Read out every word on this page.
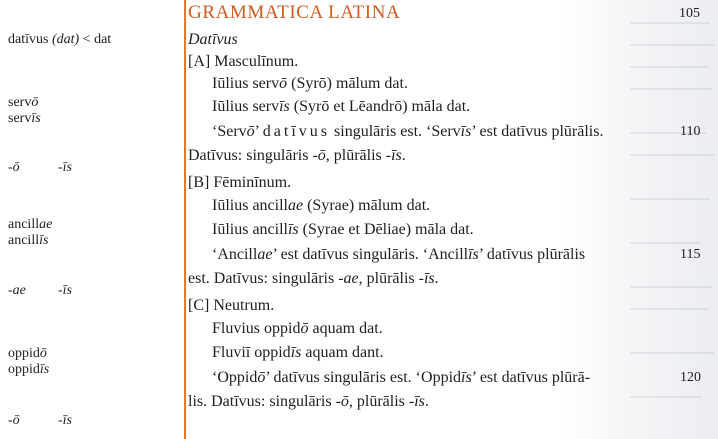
GRAMMATICA LATINA	105
datīvus (dat) < dat
servō
servīs
-ō	-īs
ancillae
ancillīs
-ae -īs
oppidō
oppidīs
-ō	-īs
Datīvus
[A] Masculīnum.
Iūlius servō (Syrō) mālum dat.
Iūlius servīs (Syrō et Lēandrō) māla dat.
‘Servō’ datīvus singulāris est. ‘Servīs’ est datīvus plūrālis.	110
Datīvus: singulāris -ō, plūrālis -īs.
[B] Fēminīnum.
Iūlius ancillae (Syrae) mālum dat.
Iūlius ancillīs (Syrae et Dēliae) māla dat.
‘Ancillae’ est datīvus singulāris. ‘Ancillīs’ datīvus plūrālis	115
est. Datīvus: singulāris -ae, plūrālis -īs.
[C] Neutrum.
Fluvius oppidō aquam dat.
Fluviī oppidīs aquam dant.
‘Oppidō’ datīvus singulāris est. ‘Oppidīs’ est datīvus plūrā-	120
lis. Datīvus: singulāris -ō, plūrālis -īs.
